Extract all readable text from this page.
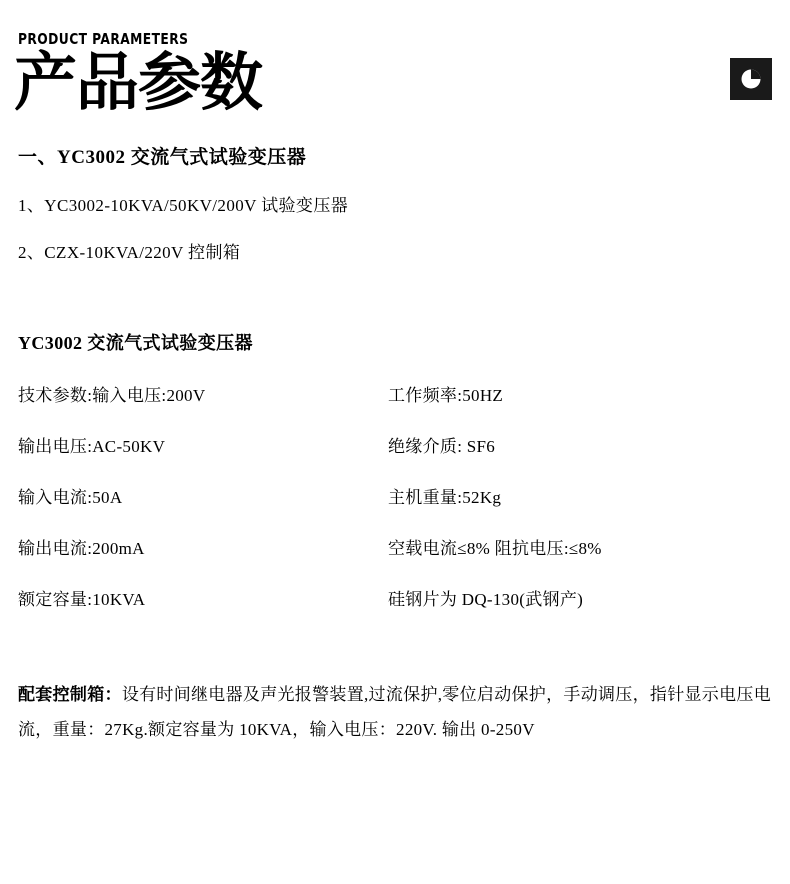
PRODUCT PARAMETERS
产品参数
一、YC3002 交流气式试验变压器
1、YC3002-10KVA/50KV/200V 试验变压器
2、CZX-10KVA/220V 控制箱
YC3002 交流气式试验变压器
技术参数:输入电压:200V	工作频率:50HZ
输出电压:AC-50KV	绝缘介质: SF6
输入电流:50A	主机重量:52Kg
输出电流:200mA	空载电流≤8% 阻抗电压:≤8%
额定容量:10KVA	硅钢片为 DQ-130(武钢产)

配套控制箱：设有时间继电器及声光报警装置,过流保护,零位启动保护，手动调压，指针显示电压电流，重量：27Kg.额定容量为 10KVA，输入电压：220V. 输出 0-250V
